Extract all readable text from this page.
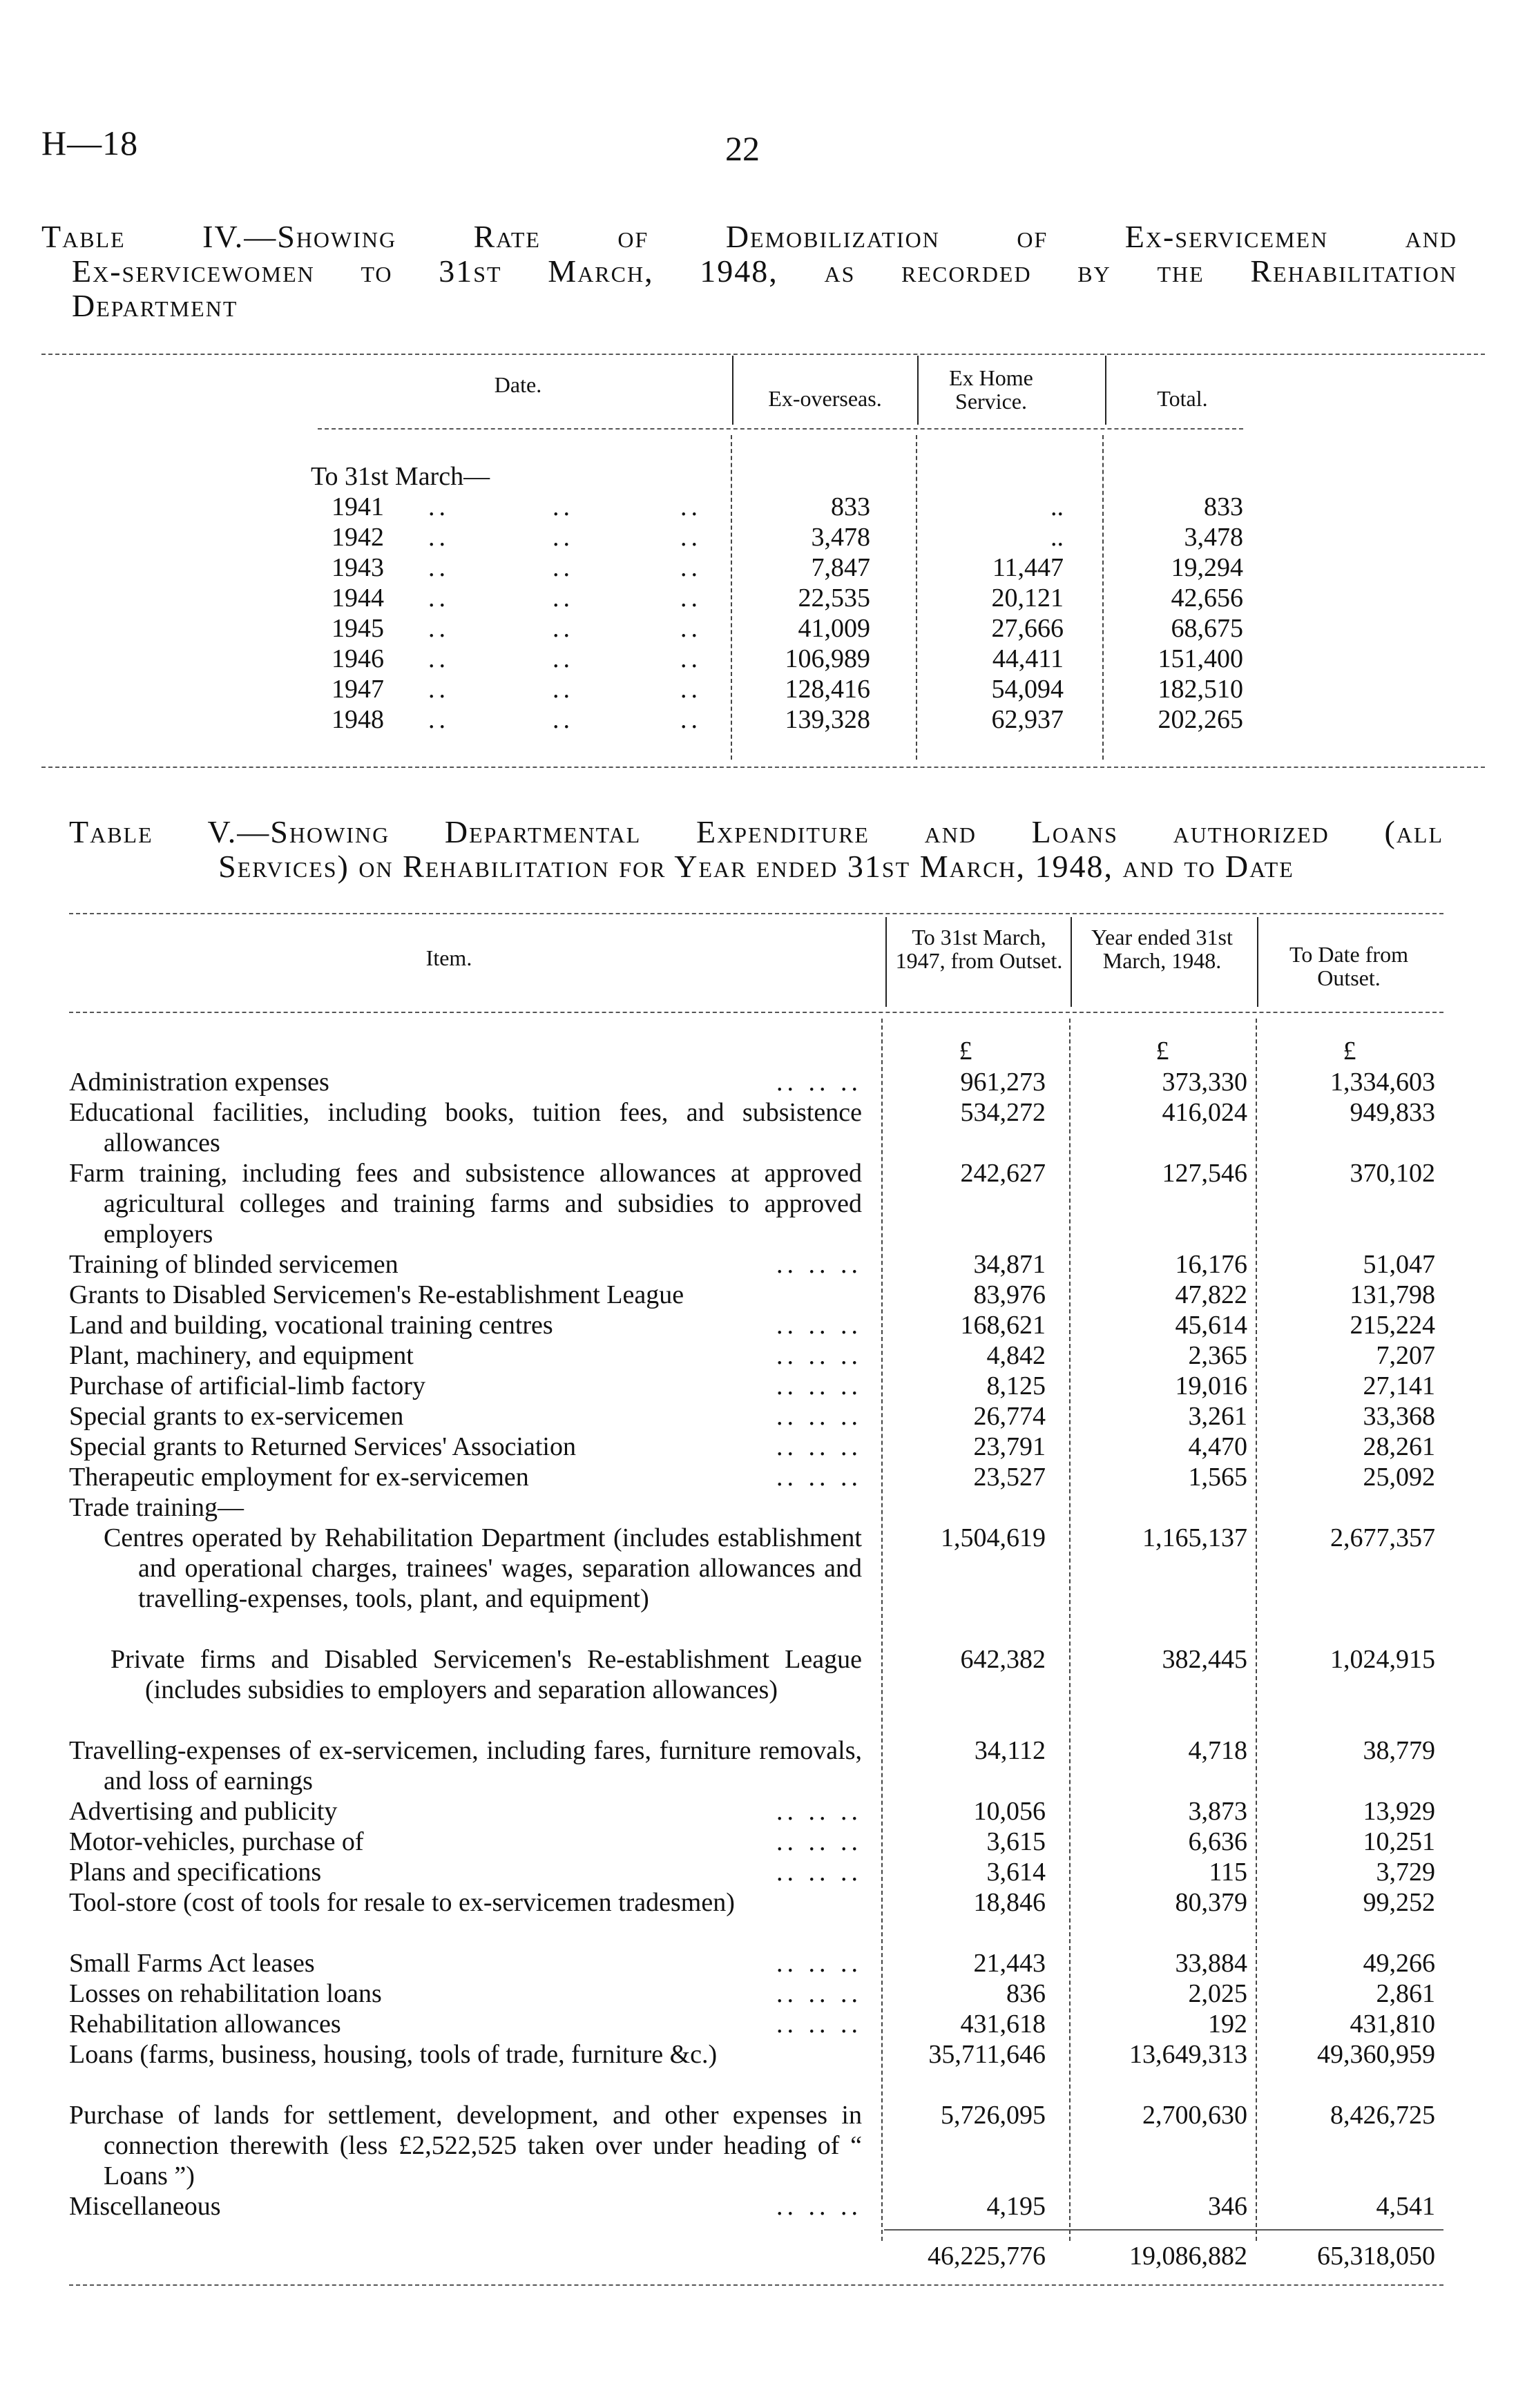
H—18	22
Table IV.—Showing Rate of Demobilization of Ex-servicemen and
Ex-servicewomen to 31st March, 1948, as recorded by the Rehabilitation
Department
Date.
Ex-overseas.
Ex Home Service.	Total.
To 31st March—
1941 ..	..	..	833	..	833
1942 ..	..	..	3,478	..	3,478
1943 ..	..	..	7,847	11,447	19,294
1944 ..	..	..	22,535	20,121	42,656
1945 ..	..	..	41,009	27,666	68,675
1946 ..	..	..	106,989	44,411	151,400
1947 ..	..	..	128,416	54,094	182,510
1948 ..	..	..	139,328	62,937	202,265
Table V.—Showing Departmental Expenditure and Loans authorized (all
Services) on Rehabilitation for Year ended 31st March, 1948, and to Date
Item.
To 31st March, 1947, from Outset.
Year ended 31st March, 1948.	To Date from Outset.
£	£	£
Administration expenses	.. .. ..	961,273	373,330	1,334,603
Educational facilities, including books, tuition fees, and subsistence allowances
534,272	416,024	949,833
Farm training, including fees and subsistence allowances at approved agricultural colleges and training farms and subsidies to approved employers
242,627	127,546	370,102
Training of blinded servicemen	.. .. ..	34,871	16,176	51,047
Grants to Disabled Servicemen's Re-establishment League	83,976	47,822	131,798
Land and building, vocational training centres	.. .. ..	168,621	45,614	215,224
Plant, machinery, and equipment	.. .. ..	4,842	2,365	7,207
Purchase of artificial-limb factory	.. .. ..	8,125	19,016	27,141
Special grants to ex-servicemen	.. .. ..	26,774	3,261	33,368
Special grants to Returned Services' Association	.. .. ..	23,791	4,470	28,261
Therapeutic employment for ex-servicemen	.. .. ..	23,527	1,565	25,092
Trade training—
Centres operated by Rehabilitation Department (includes establishment and operational charges, trainees' wages, separation allowances and travelling-expenses, tools, plant, and equipment)
1,504,619	1,165,137	2,677,357
Private firms and Disabled Servicemen's Re-establishment League (includes subsidies to employers and separation allowances)
642,382	382,445	1,024,915
Travelling-expenses of ex-servicemen, including fares, furniture removals, and loss of earnings
34,112	4,718	38,779
Advertising and publicity	.. .. ..	10,056	3,873	13,929
Motor-vehicles, purchase of	.. .. ..	3,615	6,636	10,251
Plans and specifications	.. .. ..	3,614	115	3,729
Tool-store (cost of tools for resale to ex-servicemen tradesmen)	18,846	80,379	99,252
Small Farms Act leases	.. .. ..	21,443	33,884	49,266
Losses on rehabilitation loans	.. .. ..	836	2,025	2,861
Rehabilitation allowances	.. .. ..	431,618	192	431,810
Loans (farms, business, housing, tools of trade, furniture &c.)	35,711,646	13,649,313	49,360,959
Purchase of lands for settlement, development, and other expenses in connection therewith (less £2,522,525 taken over under heading of “ Loans ”)
5,726,095	2,700,630	8,426,725
Miscellaneous	.. .. ..	4,195	346	4,541
46,225,776	19,086,882	65,318,050
